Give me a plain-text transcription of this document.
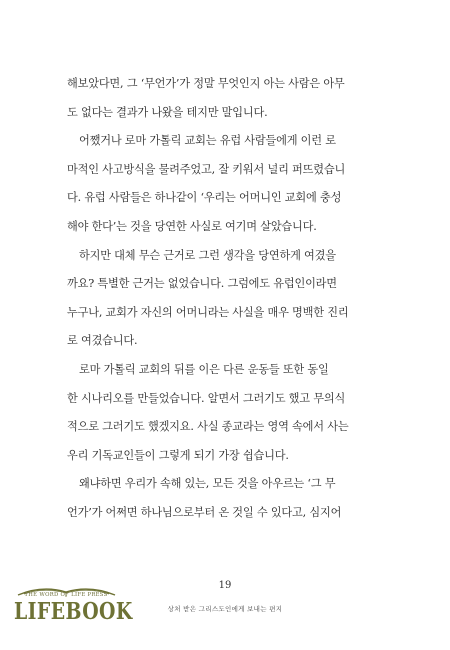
해보았다면, 그 ‘무언가’가 정말 무엇인지 아는 사람은 아무
도 없다는 결과가 나왔을 테지만 말입니다.

어쨌거나 로마 가톨릭 교회는 유럽 사람들에게 이런 로
마적인 사고방식을 물려주었고, 잘 키워서 널리 퍼뜨렸습니
다. 유럽 사람들은 하나같이 ‘우리는 어머니인 교회에 충성
해야 한다’는 것을 당연한 사실로 여기며 살았습니다.

하지만 대체 무슨 근거로 그런 생각을 당연하게 여겼을
까요? 특별한 근거는 없었습니다. 그럼에도 유럽인이라면
누구나, 교회가 자신의 어머니라는 사실을 매우 명백한 진리
로 여겼습니다.

로마 가톨릭 교회의 뒤를 이은 다른 운동들 또한 동일
한 시나리오를 만들었습니다. 알면서 그러기도 했고 무의식
적으로 그러기도 했겠지요. 사실 종교라는 영역 속에서 사는
우리 기독교인들이 그렇게 되기 가장 쉽습니다.

왜냐하면 우리가 속해 있는, 모든 것을 아우르는 ‘그 무
언가’가 어쩌면 하나님으로부터 온 것일 수 있다고, 심지어

THE WORD OF LIFE PRESS
LIFEBOOK
19
상처 받은 그리스도인에게 보내는 편지
